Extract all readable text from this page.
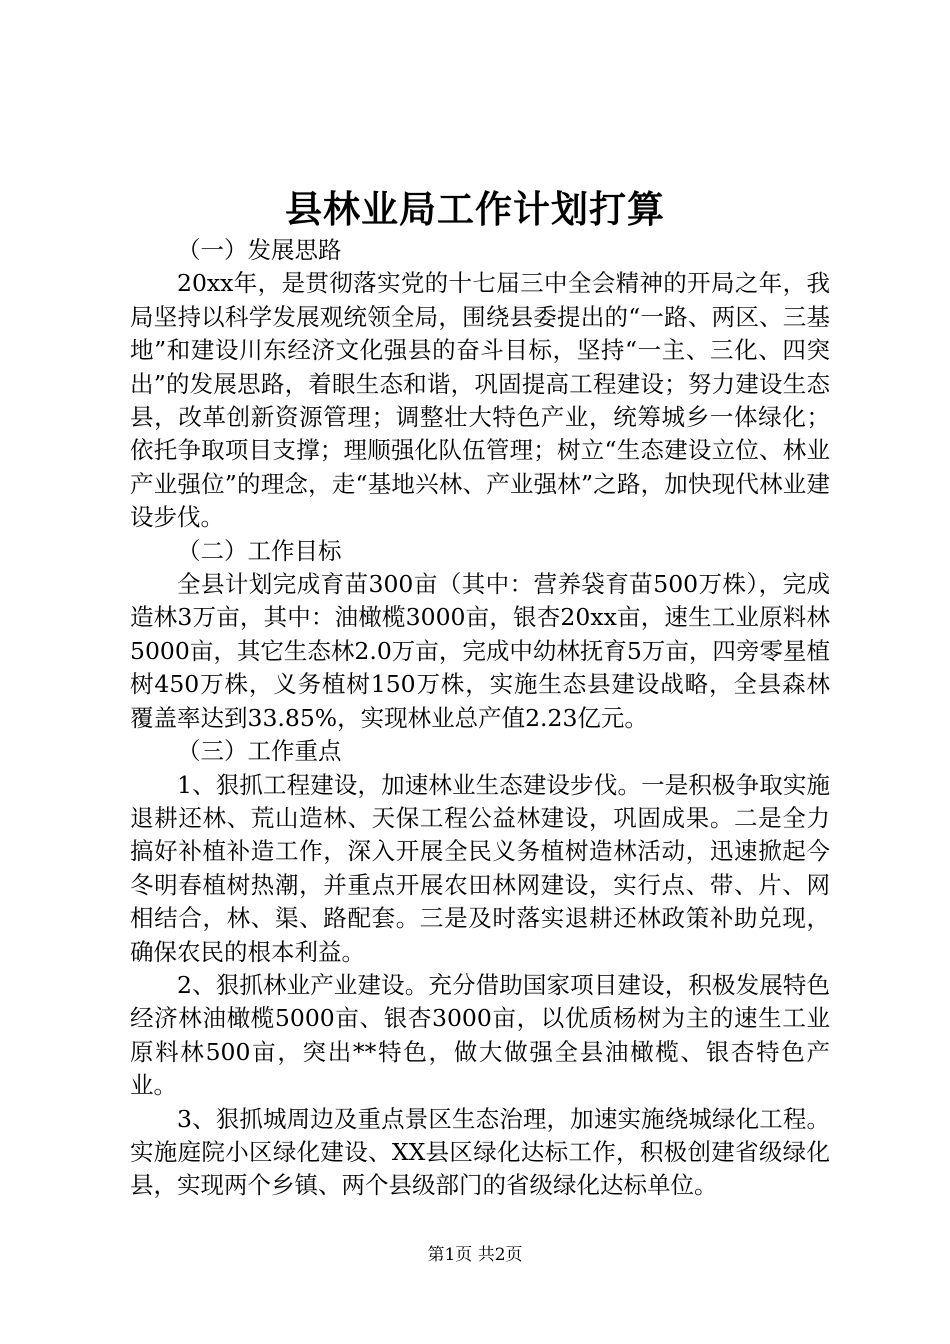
县林业局工作计划打算

（一）发展思路

20xx年，是贯彻落实党的十七届三中全会精神的开局之年，我局坚持以科学发展观统领全局，围绕县委提出的“一路、两区、三基地”和建设川东经济文化强县的奋斗目标，坚持“一主、三化、四突出”的发展思路，着眼生态和谐，巩固提高工程建设；努力建设生态县，改革创新资源管理；调整壮大特色产业，统筹城乡一体绿化；依托争取项目支撑；理顺强化队伍管理；树立“生态建设立位、林业产业强位”的理念，走“基地兴林、产业强林”之路，加快现代林业建设步伐。

（二）工作目标

全县计划完成育苗300亩（其中：营养袋育苗500万株），完成造林3万亩，其中：油橄榄3000亩，银杏20xx亩，速生工业原料林5000亩，其它生态林2.0万亩，完成中幼林抚育5万亩，四旁零星植树450万株，义务植树150万株，实施生态县建设战略，全县森林覆盖率达到33.85%，实现林业总产值2.23亿元。

（三）工作重点

1、狠抓工程建设，加速林业生态建设步伐。一是积极争取实施退耕还林、荒山造林、天保工程公益林建设，巩固成果。二是全力搞好补植补造工作，深入开展全民义务植树造林活动，迅速掀起今冬明春植树热潮，并重点开展农田林网建设，实行点、带、片、网相结合，林、渠、路配套。三是及时落实退耕还林政策补助兑现，确保农民的根本利益。

2、狠抓林业产业建设。充分借助国家项目建设，积极发展特色经济林油橄榄5000亩、银杏3000亩，以优质杨树为主的速生工业原料林500亩，突出**特色，做大做强全县油橄榄、银杏特色产业。

3、狠抓城周边及重点景区生态治理，加速实施绕城绿化工程。实施庭院小区绿化建设、XX县区绿化达标工作，积极创建省级绿化县，实现两个乡镇、两个县级部门的省级绿化达标单位。

第1页 共2页
